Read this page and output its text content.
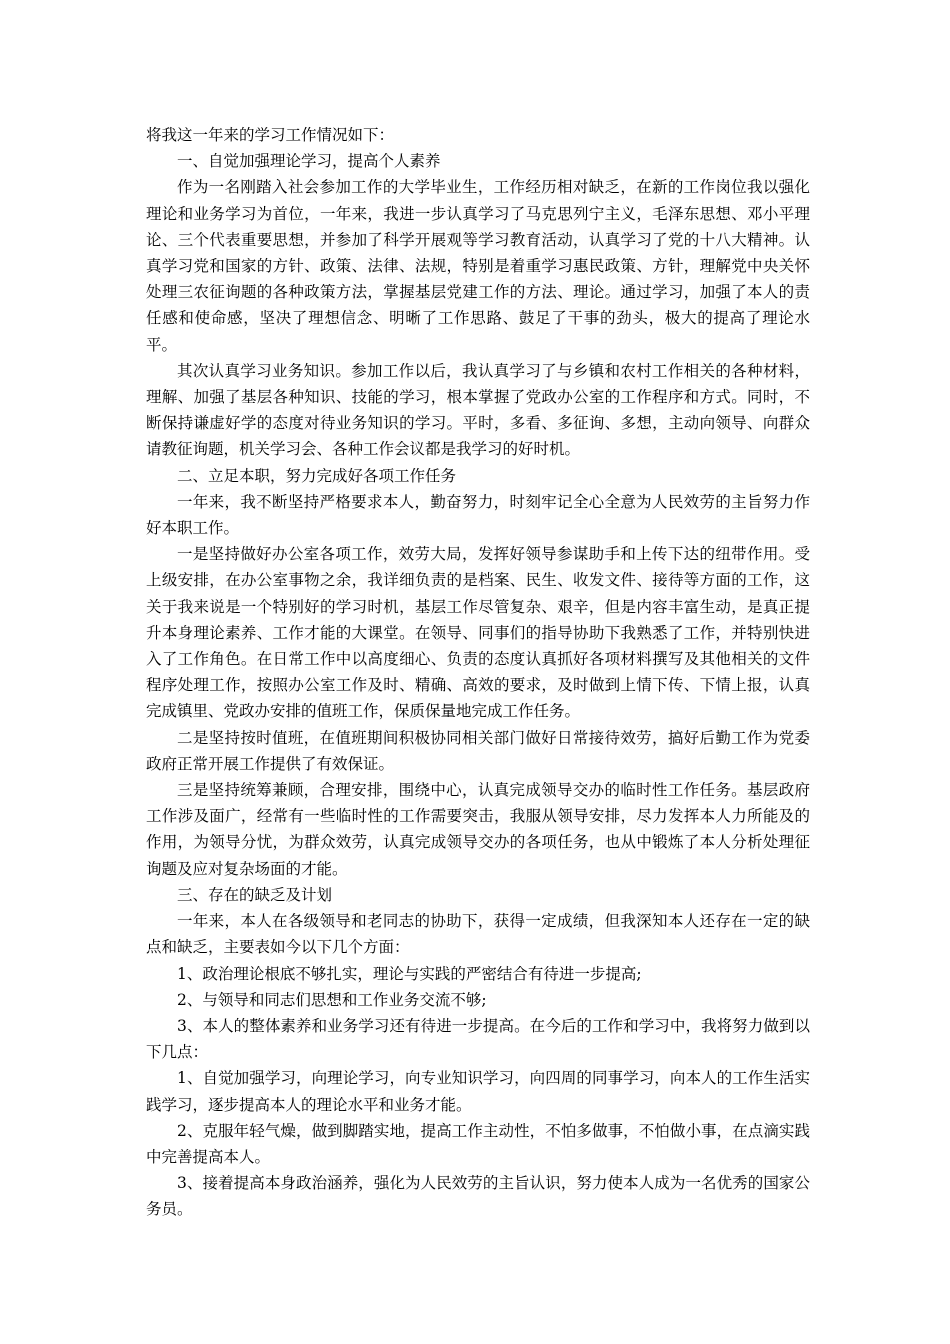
将我这一年来的学习工作情况如下：

一、自觉加强理论学习，提高个人素养

作为一名刚踏入社会参加工作的大学毕业生，工作经历相对缺乏，在新的工作岗位我以强化理论和业务学习为首位，一年来，我进一步认真学习了马克思列宁主义，毛泽东思想、邓小平理论、三个代表重要思想，并参加了科学开展观等学习教育活动，认真学习了党的十八大精神。认真学习党和国家的方针、政策、法律、法规，特别是着重学习惠民政策、方针，理解党中央关怀处理三农征询题的各种政策方法，掌握基层党建工作的方法、理论。通过学习，加强了本人的责任感和使命感，坚决了理想信念、明晰了工作思路、鼓足了干事的劲头，极大的提高了理论水平。

其次认真学习业务知识。参加工作以后，我认真学习了与乡镇和农村工作相关的各种材料，理解、加强了基层各种知识、技能的学习，根本掌握了党政办公室的工作程序和方式。同时，不断保持谦虚好学的态度对待业务知识的学习。平时，多看、多征询、多想，主动向领导、向群众请教征询题，机关学习会、各种工作会议都是我学习的好时机。

二、立足本职，努力完成好各项工作任务

一年来，我不断坚持严格要求本人，勤奋努力，时刻牢记全心全意为人民效劳的主旨努力作好本职工作。

一是坚持做好办公室各项工作，效劳大局，发挥好领导参谋助手和上传下达的纽带作用。受上级安排，在办公室事物之余，我详细负责的是档案、民生、收发文件、接待等方面的工作，这关于我来说是一个特别好的学习时机，基层工作尽管复杂、艰辛，但是内容丰富生动，是真正提升本身理论素养、工作才能的大课堂。在领导、同事们的指导协助下我熟悉了工作，并特别快进入了工作角色。在日常工作中以高度细心、负责的态度认真抓好各项材料撰写及其他相关的文件程序处理工作，按照办公室工作及时、精确、高效的要求，及时做到上情下传、下情上报，认真完成镇里、党政办安排的值班工作，保质保量地完成工作任务。

二是坚持按时值班，在值班期间积极协同相关部门做好日常接待效劳，搞好后勤工作为党委政府正常开展工作提供了有效保证。

三是坚持统筹兼顾，合理安排，围绕中心，认真完成领导交办的临时性工作任务。基层政府工作涉及面广，经常有一些临时性的工作需要突击，我服从领导安排，尽力发挥本人力所能及的作用，为领导分忧，为群众效劳，认真完成领导交办的各项任务，也从中锻炼了本人分析处理征询题及应对复杂场面的才能。

三、存在的缺乏及计划

一年来，本人在各级领导和老同志的协助下，获得一定成绩，但我深知本人还存在一定的缺点和缺乏，主要表如今以下几个方面：

1、政治理论根底不够扎实，理论与实践的严密结合有待进一步提高;

2、与领导和同志们思想和工作业务交流不够;

3、本人的整体素养和业务学习还有待进一步提高。在今后的工作和学习中，我将努力做到以下几点：

1、自觉加强学习，向理论学习，向专业知识学习，向四周的同事学习，向本人的工作生活实践学习，逐步提高本人的理论水平和业务才能。

2、克服年轻气燥，做到脚踏实地，提高工作主动性，不怕多做事，不怕做小事，在点滴实践中完善提高本人。

3、接着提高本身政治涵养，强化为人民效劳的主旨认识，努力使本人成为一名优秀的国家公务员。
